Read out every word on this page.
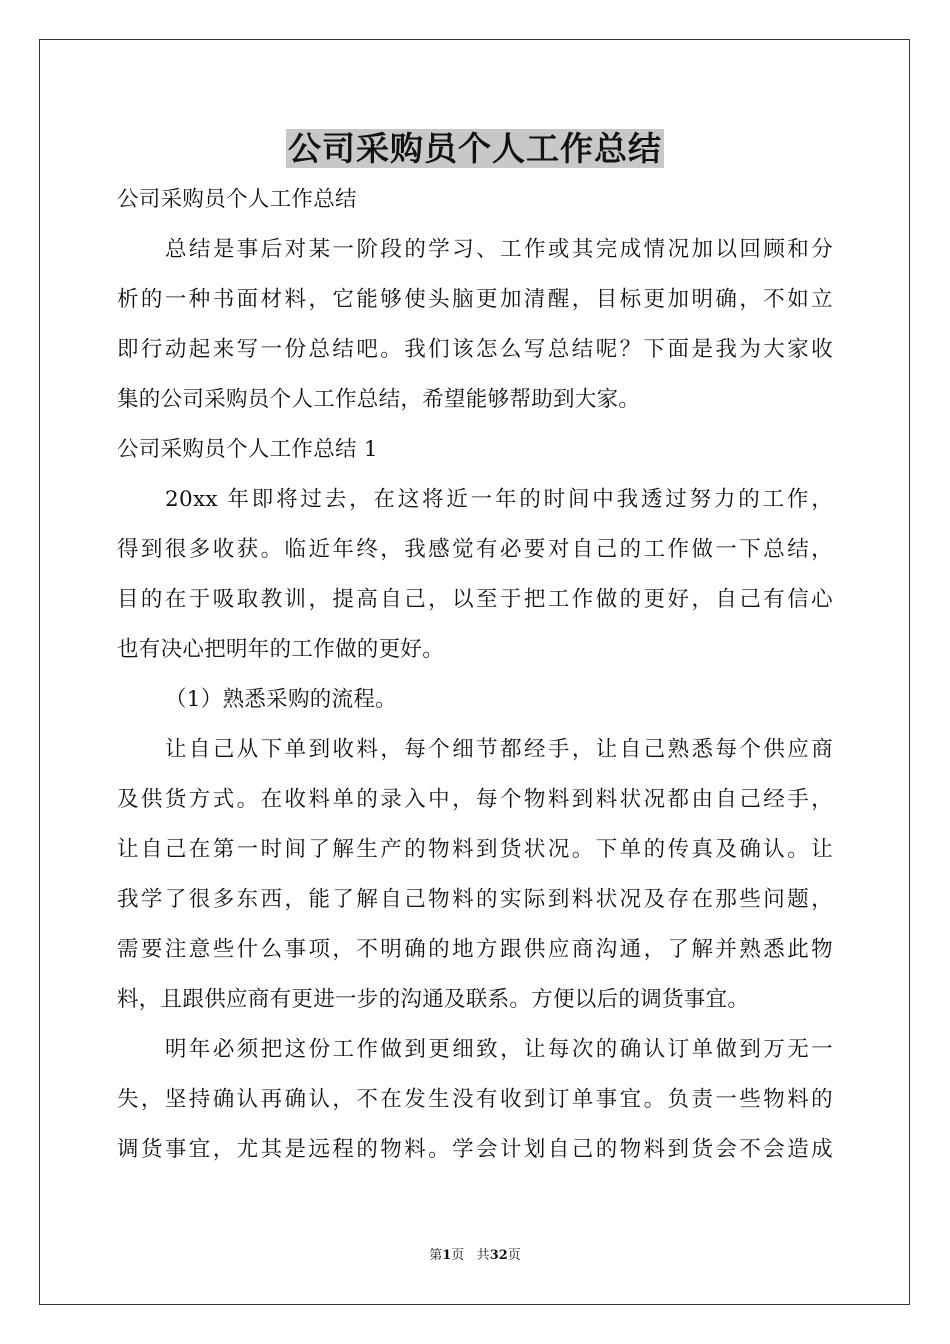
公司采购员个人工作总结
公司采购员个人工作总结
总结是事后对某一阶段的学习、工作或其完成情况加以回顾和分
析的一种书面材料，它能够使头脑更加清醒，目标更加明确，不如立
即行动起来写一份总结吧。我们该怎么写总结呢？下面是我为大家收
集的公司采购员个人工作总结，希望能够帮助到大家。
公司采购员个人工作总结 1
20xx 年即将过去，在这将近一年的时间中我透过努力的工作，
得到很多收获。临近年终，我感觉有必要对自己的工作做一下总结，
目的在于吸取教训，提高自己，以至于把工作做的更好，自己有信心
也有决心把明年的工作做的更好。
（1）熟悉采购的流程。
让自己从下单到收料，每个细节都经手，让自己熟悉每个供应商
及供货方式。在收料单的录入中，每个物料到料状况都由自己经手，
让自己在第一时间了解生产的物料到货状况。下单的传真及确认。让
我学了很多东西，能了解自己物料的实际到料状况及存在那些问题，
需要注意些什么事项，不明确的地方跟供应商沟通，了解并熟悉此物
料，且跟供应商有更进一步的沟通及联系。方便以后的调货事宜。
明年必须把这份工作做到更细致，让每次的确认订单做到万无一
失，坚持确认再确认，不在发生没有收到订单事宜。负责一些物料的
调货事宜，尤其是远程的物料。学会计划自己的物料到货会不会造成
第1页 共32页
